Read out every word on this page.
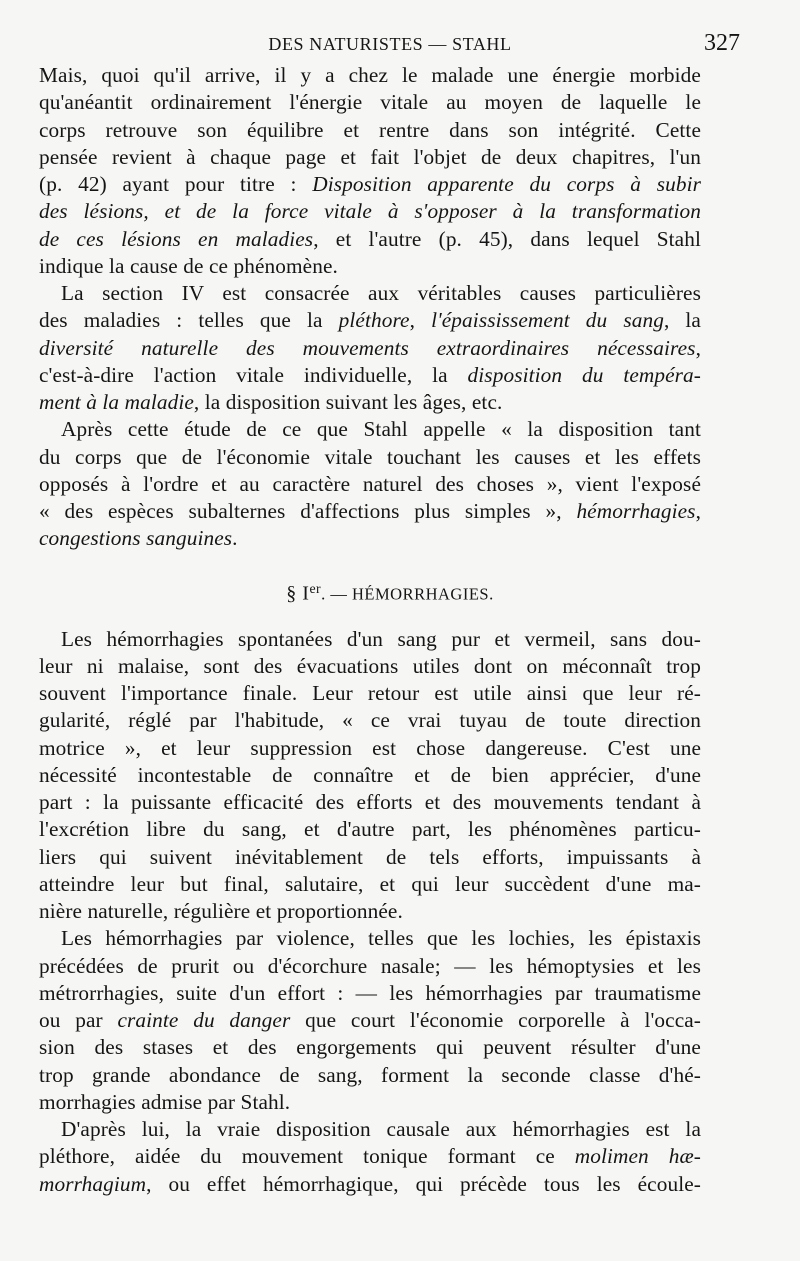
DES NATURISTES — STAHL	327
Mais, quoi qu'il arrive, il y a chez le malade une énergie morbide
qu'anéantit ordinairement l'énergie vitale au moyen de laquelle le
corps retrouve son équilibre et rentre dans son intégrité. Cette
pensée revient à chaque page et fait l'objet de deux chapitres, l'un
(p. 42) ayant pour titre : Disposition apparente du corps à subir
des lésions, et de la force vitale à s'opposer à la transformation
de ces lésions en maladies, et l'autre (p. 45), dans lequel Stahl
indique la cause de ce phénomène.
La section IV est consacrée aux véritables causes particulières
des maladies : telles que la pléthore, l'épaississement du sang, la
diversité naturelle des mouvements extraordinaires nécessaires,
c'est-à-dire l'action vitale individuelle, la disposition du tempéra-
ment à la maladie, la disposition suivant les âges, etc.
Après cette étude de ce que Stahl appelle « la disposition tant
du corps que de l'économie vitale touchant les causes et les effets
opposés à l'ordre et au caractère naturel des choses », vient l'exposé
« des espèces subalternes d'affections plus simples », hémorrhagies,
congestions sanguines.
§ Ier. — HÉMORRHAGIES.
Les hémorrhagies spontanées d'un sang pur et vermeil, sans dou-
leur ni malaise, sont des évacuations utiles dont on méconnaît trop
souvent l'importance finale. Leur retour est utile ainsi que leur ré-
gularité, réglé par l'habitude, « ce vrai tuyau de toute direction
motrice », et leur suppression est chose dangereuse. C'est une
nécessité incontestable de connaître et de bien apprécier, d'une
part : la puissante efficacité des efforts et des mouvements tendant à
l'excrétion libre du sang, et d'autre part, les phénomènes particu-
liers qui suivent inévitablement de tels efforts, impuissants à
atteindre leur but final, salutaire, et qui leur succèdent d'une ma-
nière naturelle, régulière et proportionnée.
Les hémorrhagies par violence, telles que les lochies, les épistaxis
précédées de prurit ou d'écorchure nasale; — les hémoptysies et les
métrorrhagies, suite d'un effort : — les hémorrhagies par traumatisme
ou par crainte du danger que court l'économie corporelle à l'occa-
sion des stases et des engorgements qui peuvent résulter d'une
trop grande abondance de sang, forment la seconde classe d'hé-
morrhagies admise par Stahl.
D'après lui, la vraie disposition causale aux hémorrhagies est la
pléthore, aidée du mouvement tonique formant ce molimen hæ-
morrhagium, ou effet hémorrhagique, qui précède tous les écoule-
